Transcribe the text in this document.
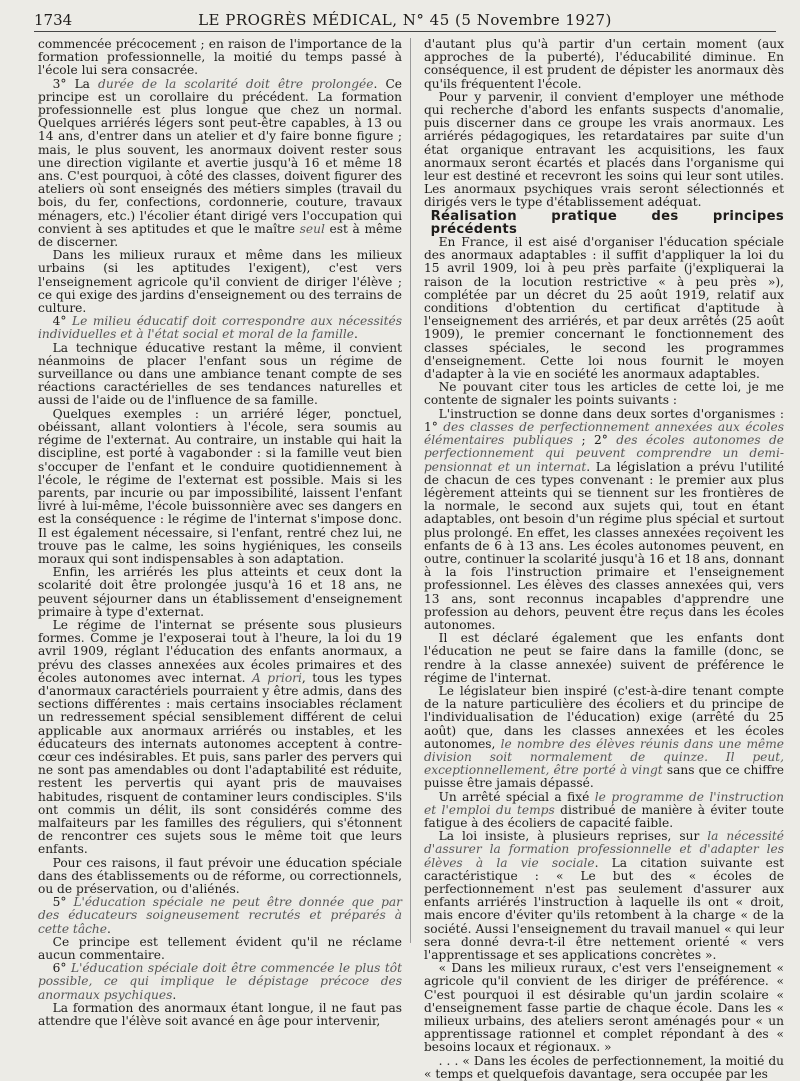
1734	LE PROGRÈS MÉDICAL, N° 45 (5 Novembre 1927)

commencée précocement ; en raison de l'importance de la formation professionnelle, la moitié du temps passé à l'école lui sera consacrée.

3° La durée de la scolarité doit être prolongée. Ce principe est un corollaire du précédent. La formation professionnelle est plus longue que chez un normal. Quelques arriérés légers sont peut-être capables, à 13 ou 14 ans, d'entrer dans un atelier et d'y faire bonne figure ; mais, le plus souvent, les anormaux doivent rester sous une direction vigilante et avertie jusqu'à 16 et même 18 ans. C'est pourquoi, à côté des classes, doivent figurer des ateliers où sont enseignés des métiers simples (travail du bois, du fer, confections, cordonnerie, couture, travaux ménagers, etc.) l'écolier étant dirigé vers l'occupation qui convient à ses aptitudes et que le maître seul est à même de discerner.

Dans les milieux ruraux et même dans les milieux urbains (si les aptitudes l'exigent), c'est vers l'enseignement agricole qu'il convient de diriger l'élève ; ce qui exige des jardins d'enseignement ou des terrains de culture.

4° Le milieu éducatif doit correspondre aux nécessités individuelles et à l'état social et moral de la famille.

La technique éducative restant la même, il convient néanmoins de placer l'enfant sous un régime de surveillance ou dans une ambiance tenant compte de ses réactions caractérielles de ses tendances naturelles et aussi de l'aide ou de l'influence de sa famille.

Quelques exemples : un arriéré léger, ponctuel, obéissant, allant volontiers à l'école, sera soumis au régime de l'externat. Au contraire, un instable qui hait la discipline, est porté à vagabonder : si la famille veut bien s'occuper de l'enfant et le conduire quotidiennement à l'école, le régime de l'externat est possible. Mais si les parents, par incurie ou par impossibilité, laissent l'enfant livré à lui-même, l'école buissonnière avec ses dangers en est la conséquence : le régime de l'internat s'impose donc. Il est également nécessaire, si l'enfant, rentré chez lui, ne trouve pas le calme, les soins hygiéniques, les conseils moraux qui sont indispensables à son adaptation.

Enfin, les arriérés les plus atteints et ceux dont la scolarité doit être prolongée jusqu'à 16 et 18 ans, ne peuvent séjourner dans un établissement d'enseignement primaire à type d'externat.

Le régime de l'internat se présente sous plusieurs formes. Comme je l'exposerai tout à l'heure, la loi du 19 avril 1909, réglant l'éducation des enfants anormaux, a prévu des classes annexées aux écoles primaires et des écoles autonomes avec internat. A priori, tous les types d'anormaux caractériels pourraient y être admis, dans des sections différentes : mais certains insociables réclament un redressement spécial sensiblement différent de celui applicable aux anormaux arriérés ou instables, et les éducateurs des internats autonomes acceptent à contre-cœur ces indésirables. Et puis, sans parler des pervers qui ne sont pas amendables ou dont l'adaptabilité est réduite, restent les pervertis qui ayant pris de mauvaises habitudes, risquent de contaminer leurs condisciples. S'ils ont commis un délit, ils sont considérés comme des malfaiteurs par les familles des réguliers, qui s'étonnent de rencontrer ces sujets sous le même toit que leurs enfants.

Pour ces raisons, il faut prévoir une éducation spéciale dans des établissements ou de réforme, ou correctionnels, ou de préservation, ou d'aliénés.

5° L'éducation spéciale ne peut être donnée que par des éducateurs soigneusement recrutés et préparés à cette tâche.

Ce principe est tellement évident qu'il ne réclame aucun commentaire.

6° L'éducation spéciale doit être commencée le plus tôt possible, ce qui implique le dépistage précoce des anormaux psychiques.

La formation des anormaux étant longue, il ne faut pas attendre que l'élève soit avancé en âge pour intervenir,

d'autant plus qu'à partir d'un certain moment (aux approches de la puberté), l'éducabilité diminue. En conséquence, il est prudent de dépister les anormaux dès qu'ils fréquentent l'école.

Pour y parvenir, il convient d'employer une méthode qui recherche d'abord les enfants suspects d'anomalie, puis discerner dans ce groupe les vrais anormaux. Les arriérés pédagogiques, les retardataires par suite d'un état organique entravant les acquisitions, les faux anormaux seront écartés et placés dans l'organisme qui leur est destiné et recevront les soins qui leur sont utiles. Les anormaux psychiques vrais seront sélectionnés et dirigés vers le type d'établissement adéquat.

Réalisation pratique des principes précédents

En France, il est aisé d'organiser l'éducation spéciale des anormaux adaptables : il suffit d'appliquer la loi du 15 avril 1909, loi à peu près parfaite (j'expliquerai la raison de la locution restrictive « à peu près »), complétée par un décret du 25 août 1919, relatif aux conditions d'obtention du certificat d'aptitude à l'enseignement des arriérés, et par deux arrêtés (25 août 1909), le premier concernant le fonctionnement des classes spéciales, le second les programmes d'enseignement. Cette loi nous fournit le moyen d'adapter à la vie en société les anormaux adaptables.

Ne pouvant citer tous les articles de cette loi, je me contente de signaler les points suivants :

L'instruction se donne dans deux sortes d'organismes : 1° des classes de perfectionnement annexées aux écoles élémentaires publiques ; 2° des écoles autonomes de perfectionnement qui peuvent comprendre un demi-pensionnat et un internat. La législation a prévu l'utilité de chacun de ces types convenant : le premier aux plus légèrement atteints qui se tiennent sur les frontières de la normale, le second aux sujets qui, tout en étant adaptables, ont besoin d'un régime plus spécial et surtout plus prolongé. En effet, les classes annexées reçoivent les enfants de 6 à 13 ans. Les écoles autonomes peuvent, en outre, continuer la scolarité jusqu'à 16 et 18 ans, donnant à la fois l'instruction primaire et l'enseignement professionnel. Les élèves des classes annexées qui, vers 13 ans, sont reconnus incapables d'apprendre une profession au dehors, peuvent être reçus dans les écoles autonomes.

Il est déclaré également que les enfants dont l'éducation ne peut se faire dans la famille (donc, se rendre à la classe annexée) suivent de préférence le régime de l'internat.

Le législateur bien inspiré (c'est-à-dire tenant compte de la nature particulière des écoliers et du principe de l'individualisation de l'éducation) exige (arrêté du 25 août) que, dans les classes annexées et les écoles autonomes, le nombre des élèves réunis dans une même division soit normalement de quinze. Il peut, exceptionnellement, être porté à vingt sans que ce chiffre puisse être jamais dépassé.

Un arrêté spécial a fixé le programme de l'instruction et l'emploi du temps distribué de manière à éviter toute fatigue à des écoliers de capacité faible.

La loi insiste, à plusieurs reprises, sur la nécessité d'assurer la formation professionnelle et d'adapter les élèves à la vie sociale. La citation suivante est caractéristique : « Le but des « écoles de perfectionnement n'est pas seulement d'assurer aux enfants arriérés l'instruction à laquelle ils ont « droit, mais encore d'éviter qu'ils retombent à la charge « de la société. Aussi l'enseignement du travail manuel « qui leur sera donné devra-t-il être nettement orienté « vers l'apprentissage et ses applications concrètes ».

« Dans les milieux ruraux, c'est vers l'enseignement « agricole qu'il convient de les diriger de préférence. « C'est pourquoi il est désirable qu'un jardin scolaire « d'enseignement fasse partie de chaque école. Dans les « milieux urbains, des ateliers seront aménagés pour « un apprentissage rationnel et complet répondant à des « besoins locaux et régionaux. »

. . . « Dans les écoles de perfectionnement, la moitié du « temps et quelquefois davantage, sera occupée par les
